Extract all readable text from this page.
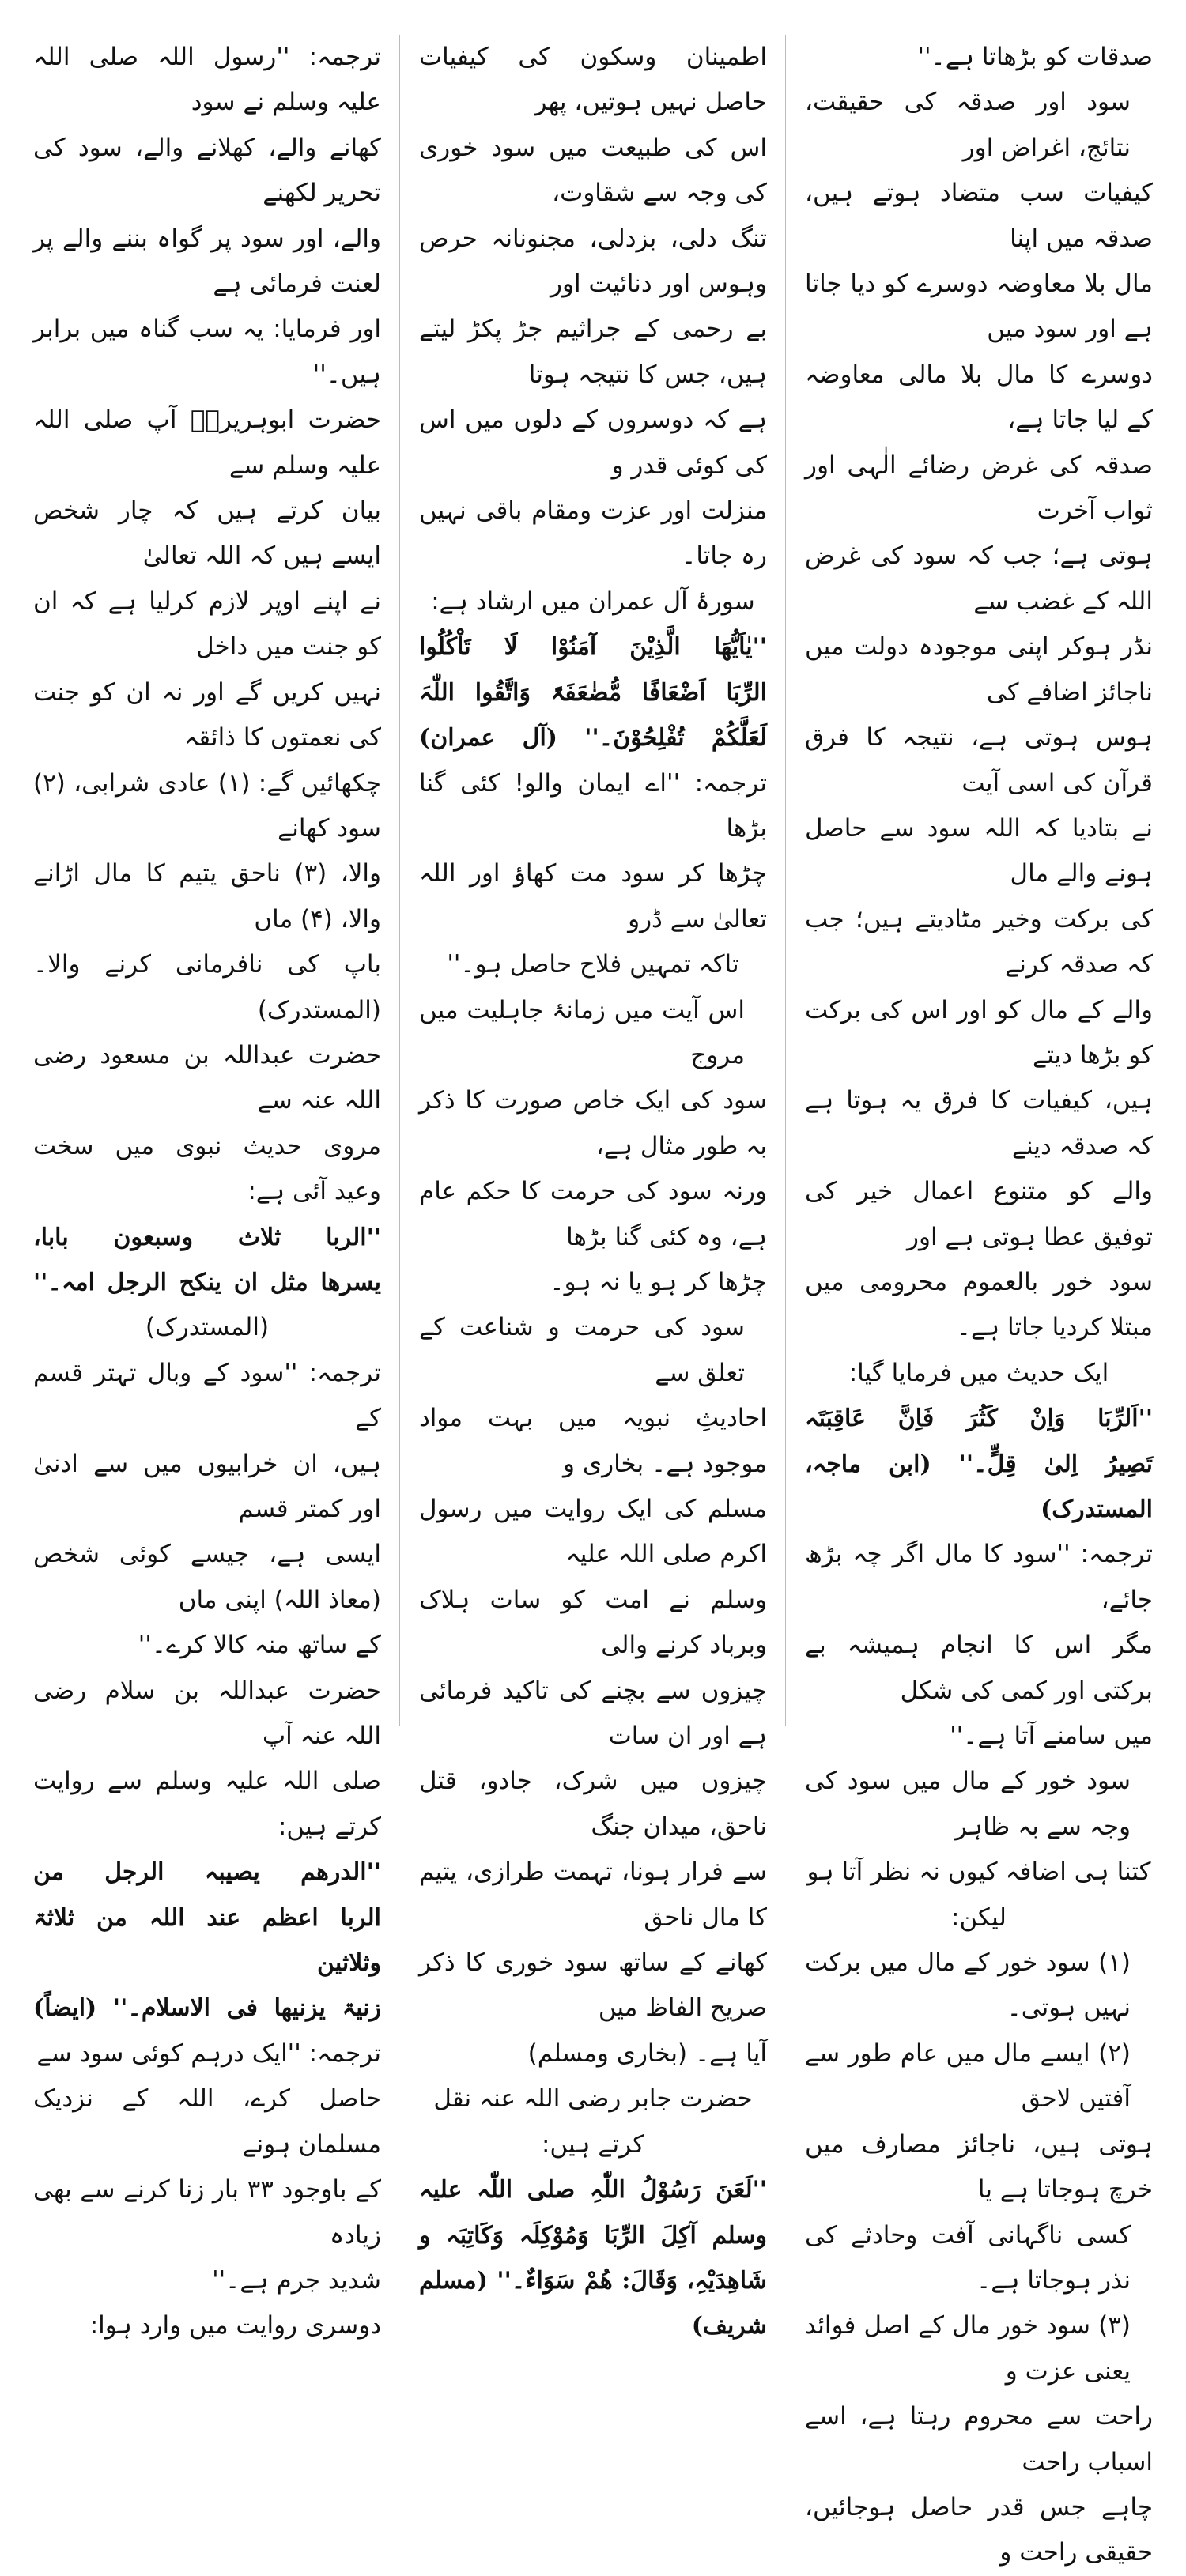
صدقات کو بڑھاتا ہے۔''

سود اور صدقہ کی حقیقت، نتائج، اغراض اور

کیفیات سب متضاد ہوتے ہیں، صدقہ میں اپنا

مال بلا معاوضہ دوسرے کو دیا جاتا ہے اور سود میں

دوسرے کا مال بلا مالی معاوضہ کے لیا جاتا ہے،

صدقہ کی غرض رضائے الٰہی اور ثواب آخرت

ہوتی ہے؛ جب کہ سود کی غرض اللہ کے غضب سے

نڈر ہوکر اپنی موجودہ دولت میں ناجائز اضافے کی

ہوس ہوتی ہے، نتیجہ کا فرق قرآن کی اسی آیت

نے بتادیا کہ اللہ سود سے حاصل ہونے والے مال

کی برکت وخیر مٹادیتے ہیں؛ جب کہ صدقہ کرنے

والے کے مال کو اور اس کی برکت کو بڑھا دیتے

ہیں، کیفیات کا فرق یہ ہوتا ہے کہ صدقہ دینے

والے کو متنوع اعمال خیر کی توفیق عطا ہوتی ہے اور

سود خور بالعموم محرومی میں مبتلا کردیا جاتا ہے۔

ایک حدیث میں فرمایا گیا:

''اَلرِّبَا وَاِنْ کَثُرَ فَاِنَّ عَاقِبَتَہ

تَصِیرُ اِلیٰ قِلٍّ۔'' (ابن ماجہ، المستدرک)

ترجمہ: ''سود کا مال اگر چہ بڑھ جائے،

مگر اس کا انجام ہمیشہ بے برکتی اور کمی کی شکل

میں سامنے آتا ہے۔''

سود خور کے مال میں سود کی وجہ سے بہ ظاہر

کتنا ہی اضافہ کیوں نہ نظر آتا ہو لیکن:

(۱) سود خور کے مال میں برکت نہیں ہوتی۔

(۲) ایسے مال میں عام طور سے آفتیں لاحق

ہوتی ہیں، ناجائز مصارف میں خرچ ہوجاتا ہے یا

کسی ناگہانی آفت وحادثے کی نذر ہوجاتا ہے۔

(۳) سود خور مال کے اصل فوائد یعنی عزت و

راحت سے محروم رہتا ہے، اسے اسباب راحت

چاہے جس قدر حاصل ہوجائیں، حقیقی راحت و

اطمینان وسکون کی کیفیات حاصل نہیں ہوتیں، پھر

اس کی طبیعت میں سود خوری کی وجہ سے شقاوت،

تنگ دلی، بزدلی، مجنونانہ حرص وہوس اور دنائیت اور

بے رحمی کے جراثیم جڑ پکڑ لیتے ہیں، جس کا نتیجہ ہوتا

ہے کہ دوسروں کے دلوں میں اس کی کوئی قدر و

منزلت اور عزت ومقام باقی نہیں رہ جاتا۔

سورۂ آل عمران میں ارشاد ہے:

''یٰاَیُّھَا الَّذِیْنَ آمَنُوْا لَا تَاْکُلُوا

الرِّبَا اَضْعَافًا مُّضٰعَفَۃً وَاتَّقُوا اللّٰہَ

لَعَلَّکُمْ تُفْلِحُوْنَ۔'' (آل عمران)

ترجمہ: ''اے ایمان والو! کئی گنا بڑھا

چڑھا کر سود مت کھاؤ اور اللہ تعالیٰ سے ڈرو

تاکہ تمہیں فلاح حاصل ہو۔''

اس آیت میں زمانۂ جاہلیت میں مروج

سود کی ایک خاص صورت کا ذکر بہ طور مثال ہے،

ورنہ سود کی حرمت کا حکم عام ہے، وہ کئی گنا بڑھا

چڑھا کر ہو یا نہ ہو۔

سود کی حرمت و شناعت کے تعلق سے

احادیثِ نبویہ میں بہت مواد موجود ہے۔ بخاری و

مسلم کی ایک روایت میں رسول اکرم صلی اللہ علیہ

وسلم نے امت کو سات ہلاک وبرباد کرنے والی

چیزوں سے بچنے کی تاکید فرمائی ہے اور ان سات

چیزوں میں شرک، جادو، قتل ناحق، میدان جنگ

سے فرار ہونا، تہمت طرازی، یتیم کا مال ناحق

کھانے کے ساتھ سود خوری کا ذکر صریح الفاظ میں

آیا ہے۔ (بخاری ومسلم)

حضرت جابر رضی اللہ عنہ نقل کرتے ہیں:

''لَعَنَ رَسُوْلُ اللّٰہِ صلی اللّٰہ علیہ

وسلم آکِلَ الرِّبَا وَمُوْکِلَہ وَکَاتِبَہ و

شَاھِدَیْہِ، وَقَالَ: ھُمْ سَوَاءٌ۔'' (مسلم شریف)

ترجمہ: ''رسول اللہ صلی اللہ علیہ وسلم نے سود

کھانے والے، کھلانے والے، سود کی تحریر لکھنے

والے، اور سود پر گواہ بننے والے پر لعنت فرمائی ہے

اور فرمایا: یہ سب گناہ میں برابر ہیں۔''

حضرت ابوہریرہؓ آپ صلی اللہ علیہ وسلم سے

بیان کرتے ہیں کہ چار شخص ایسے ہیں کہ اللہ تعالیٰ

نے اپنے اوپر لازم کرلیا ہے کہ ان کو جنت میں داخل

نہیں کریں گے اور نہ ان کو جنت کی نعمتوں کا ذائقہ

چکھائیں گے: (۱) عادی شرابی، (۲) سود کھانے

والا، (۳) ناحق یتیم کا مال اڑانے والا، (۴) ماں

باپ کی نافرمانی کرنے والا۔ (المستدرک)

حضرت عبداللہ بن مسعود رضی اللہ عنہ سے

مروی حدیث نبوی میں سخت وعید آئی ہے:

''الربا ثلاث وسبعون بابا،

یسرھا مثل ان ینکح الرجل امہ۔''

(المستدرک)

ترجمہ: ''سود کے وبال تہتر قسم کے

ہیں، ان خرابیوں میں سے ادنیٰ اور کمتر قسم

ایسی ہے، جیسے کوئی شخص (معاذ اللہ) اپنی ماں

کے ساتھ منہ کالا کرے۔''

حضرت عبداللہ بن سلام رضی اللہ عنہ آپ

صلی اللہ علیہ وسلم سے روایت کرتے ہیں:

''الدرھم یصیبہ الرجل من

الربا اعظم عند اللہ من ثلاثۃ وثلاثین

زنیۃ یزنیھا فی الاسلام۔'' (ایضاً)

ترجمہ: ''ایک درہم کوئی سود سے

حاصل کرے، اللہ کے نزدیک مسلمان ہونے

کے باوجود ۳۳ بار زنا کرنے سے بھی زیادہ

شدید جرم ہے۔''

دوسری روایت میں وارد ہوا:
